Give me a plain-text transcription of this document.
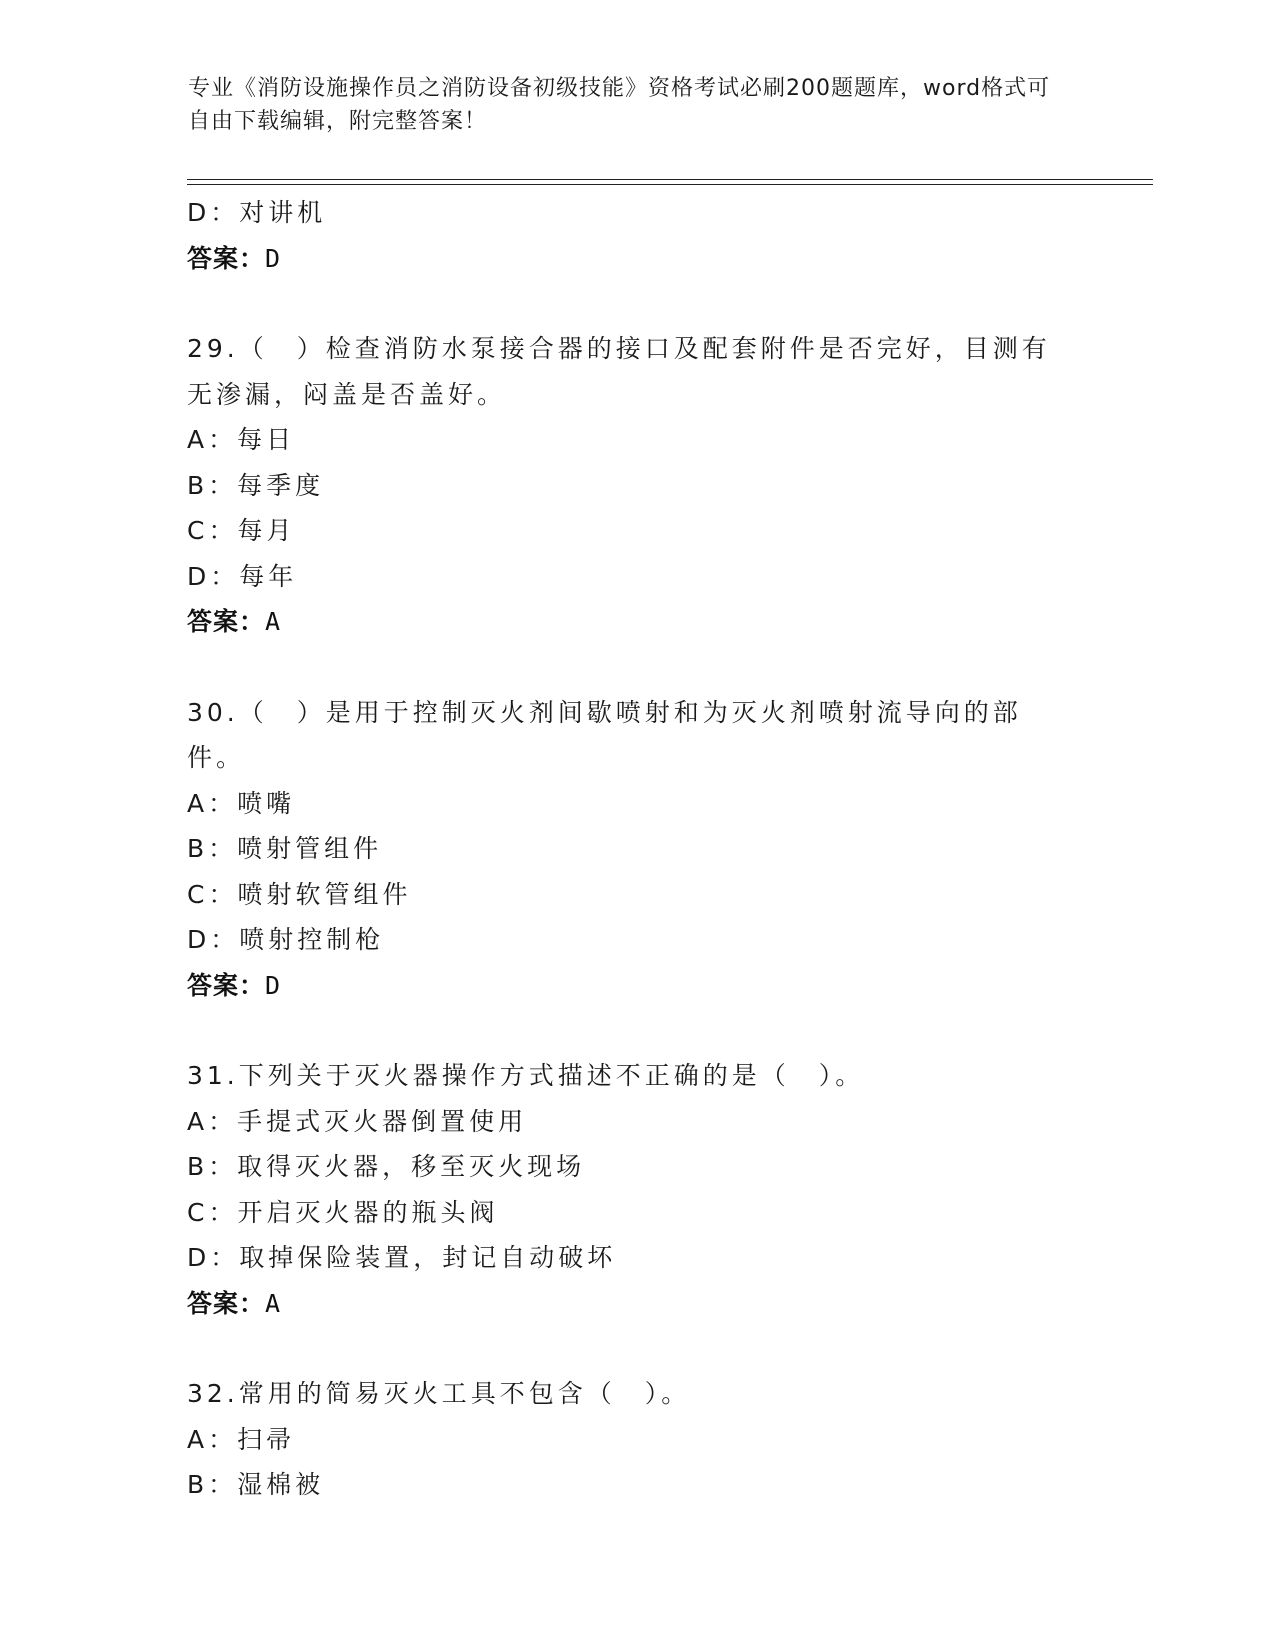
专业《消防设施操作员之消防设备初级技能》资格考试必刷200题题库，word格式可自由下载编辑，附完整答案！
D：对讲机
答案：D
29.（　）检查消防水泵接合器的接口及配套附件是否完好，目测有无渗漏，闷盖是否盖好。
A：每日
B：每季度
C：每月
D：每年
答案：A
30.（　）是用于控制灭火剂间歇喷射和为灭火剂喷射流导向的部件。
A：喷嘴
B：喷射管组件
C：喷射软管组件
D：喷射控制枪
答案：D
31.下列关于灭火器操作方式描述不正确的是（　）。
A：手提式灭火器倒置使用
B：取得灭火器，移至灭火现场
C：开启灭火器的瓶头阀
D：取掉保险装置，封记自动破坏
答案：A
32.常用的简易灭火工具不包含（　）。
A：扫帚
B：湿棉被
